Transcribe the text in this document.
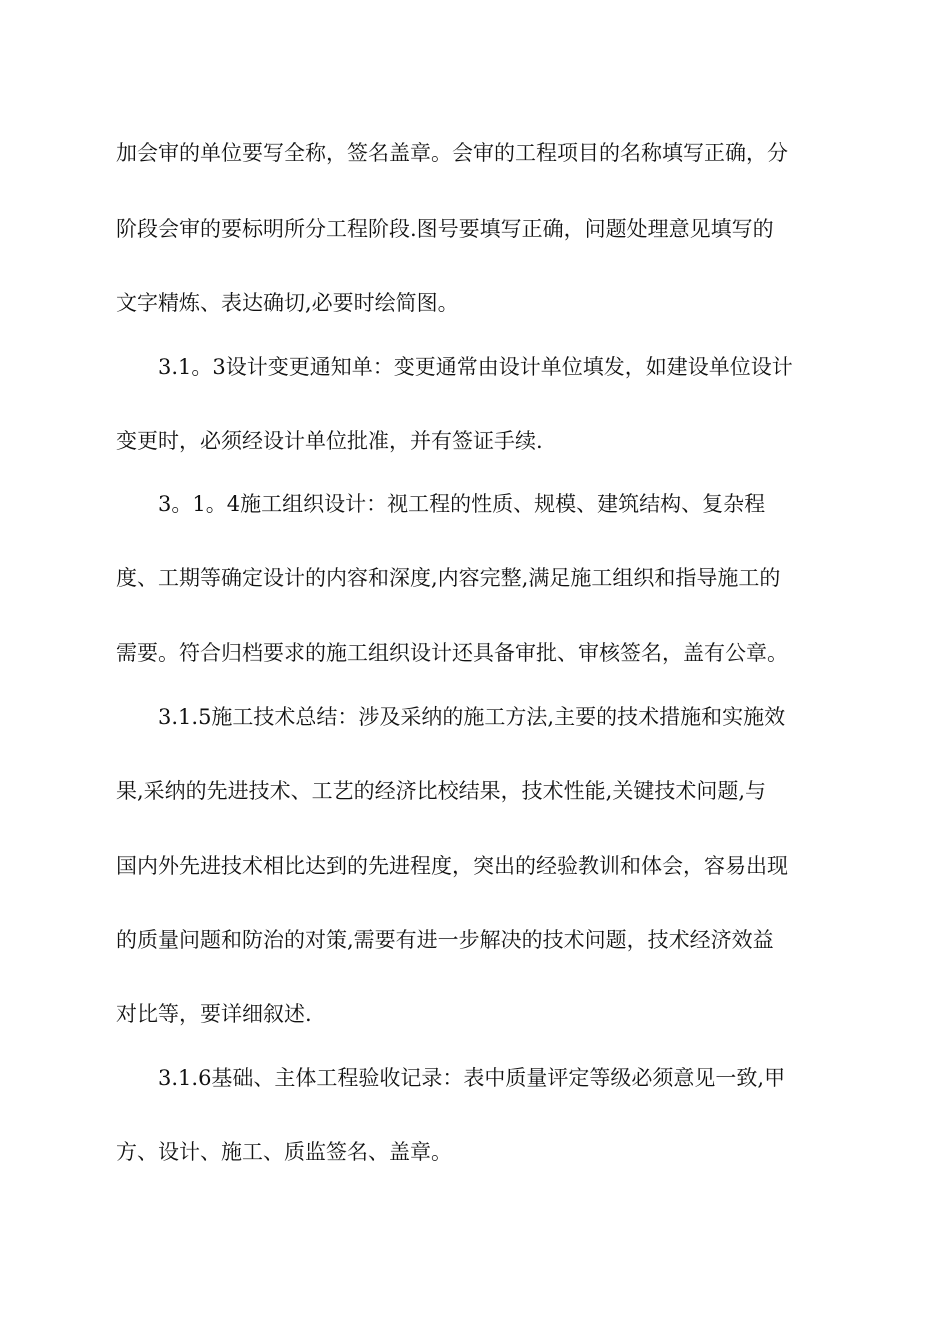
加会审的单位要写全称，签名盖章。会审的工程项目的名称填写正确，分
阶段会审的要标明所分工程阶段.图号要填写正确，问题处理意见填写的
文字精炼、表达确切,必要时绘简图。
3.1。3设计变更通知单：变更通常由设计单位填发，如建设单位设计
变更时，必须经设计单位批准，并有签证手续.
3。1。4施工组织设计：视工程的性质、规模、建筑结构、复杂程
度、工期等确定设计的内容和深度,内容完整,满足施工组织和指导施工的
需要。符合归档要求的施工组织设计还具备审批、审核签名，盖有公章。
3.1.5施工技术总结：涉及采纳的施工方法,主要的技术措施和实施效
果,采纳的先进技术、工艺的经济比校结果，技术性能,关键技术问题,与
国内外先进技术相比达到的先进程度，突出的经验教训和体会，容易出现
的质量问题和防治的对策,需要有进一步解决的技术问题，技术经济效益
对比等，要详细叙述.
3.1.6基础、主体工程验收记录：表中质量评定等级必须意见一致,甲
方、设计、施工、质监签名、盖章。
